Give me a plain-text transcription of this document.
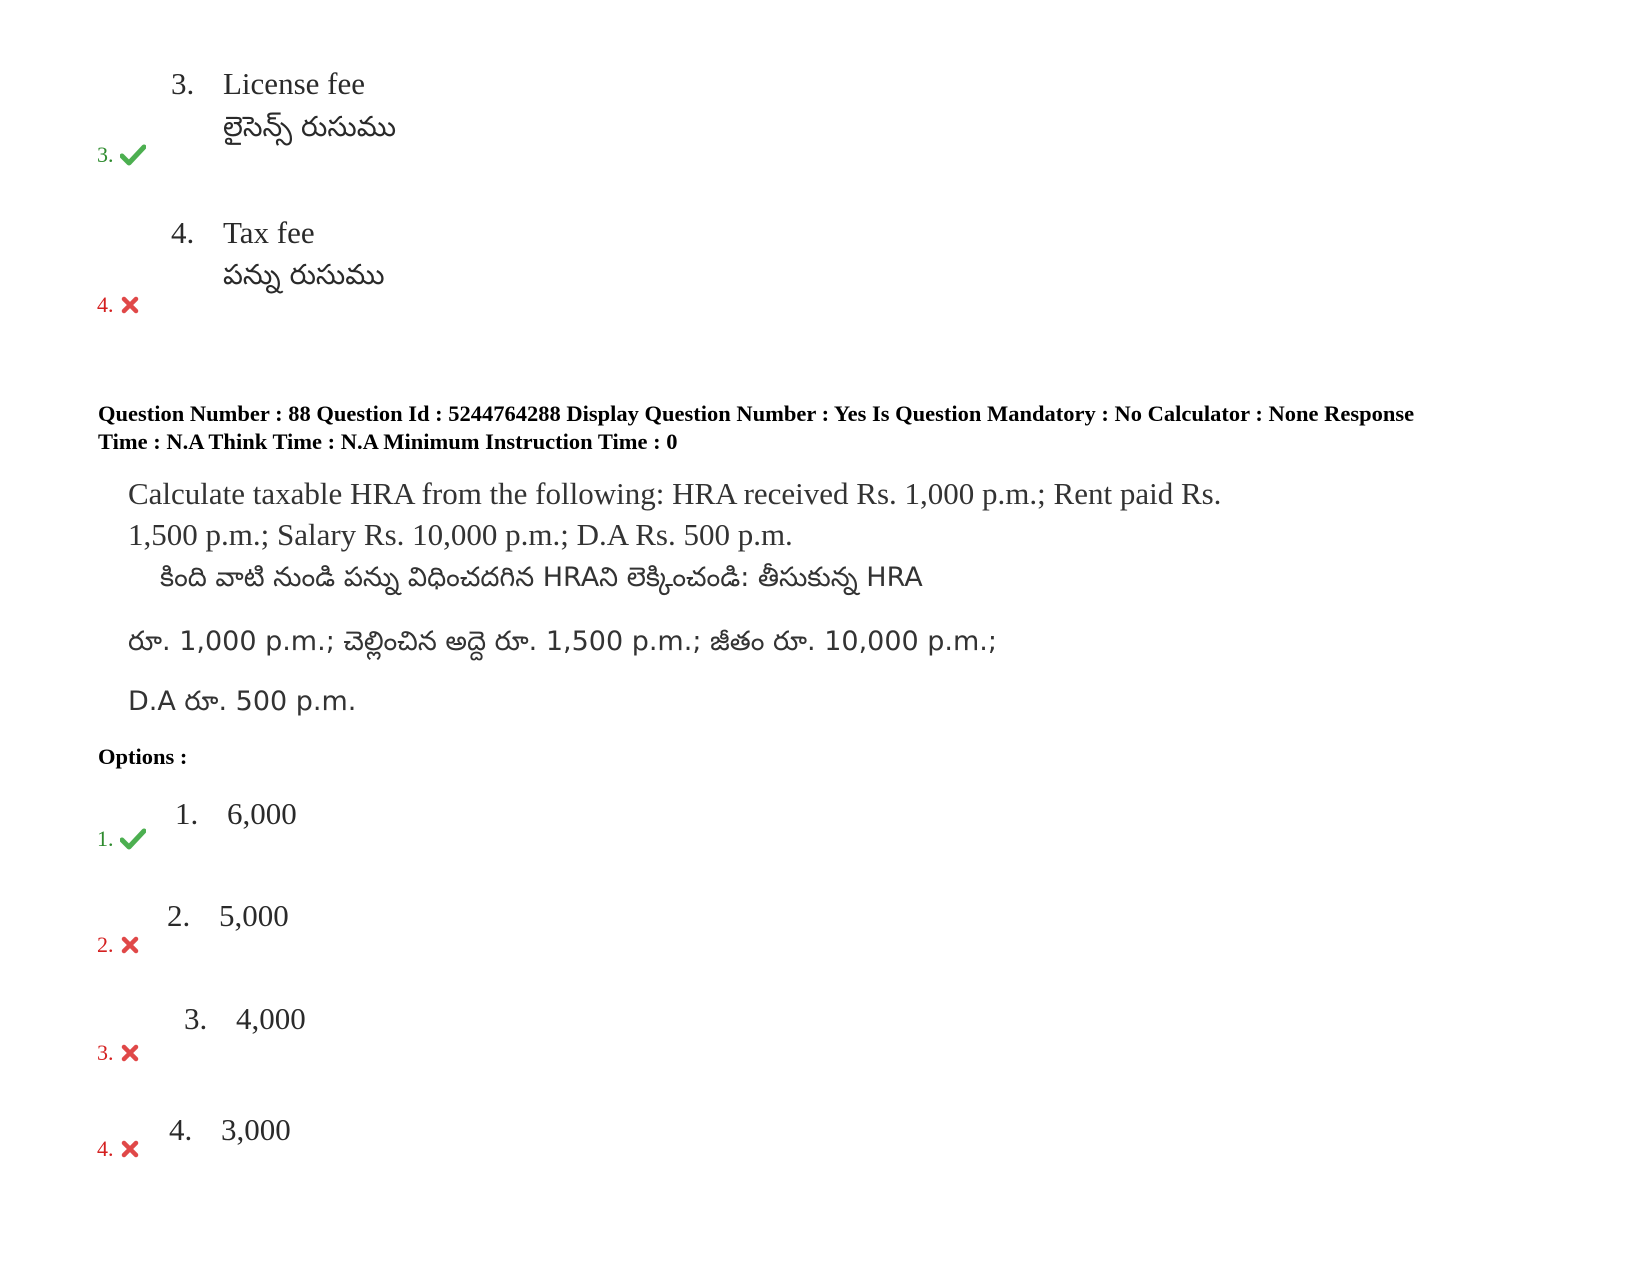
3. License fee
లైసెన్స్ రుసుము
3.
4. Tax fee
పన్ను రుసుము
4.
Question Number : 88 Question Id : 5244764288 Display Question Number : Yes Is Question Mandatory : No Calculator : None Response
Time : N.A Think Time : N.A Minimum Instruction Time : 0
Calculate taxable HRA from the following: HRA received Rs. 1,000 p.m.; Rent paid Rs.
1,500 p.m.; Salary Rs. 10,000 p.m.; D.A Rs. 500 p.m.
కింది వాటి నుండి పన్ను విధించదగిన HRAని లెక్కించండి: తీసుకున్న HRA
రూ. 1,000 p.m.; చెల్లించిన అద్దె రూ. 1,500 p.m.; జీతం రూ. 10,000 p.m.;
D.A రూ. 500 p.m.
Options :
1. 6,000
1.
2. 5,000
2.
3. 4,000
3.
4. 3,000
4.
